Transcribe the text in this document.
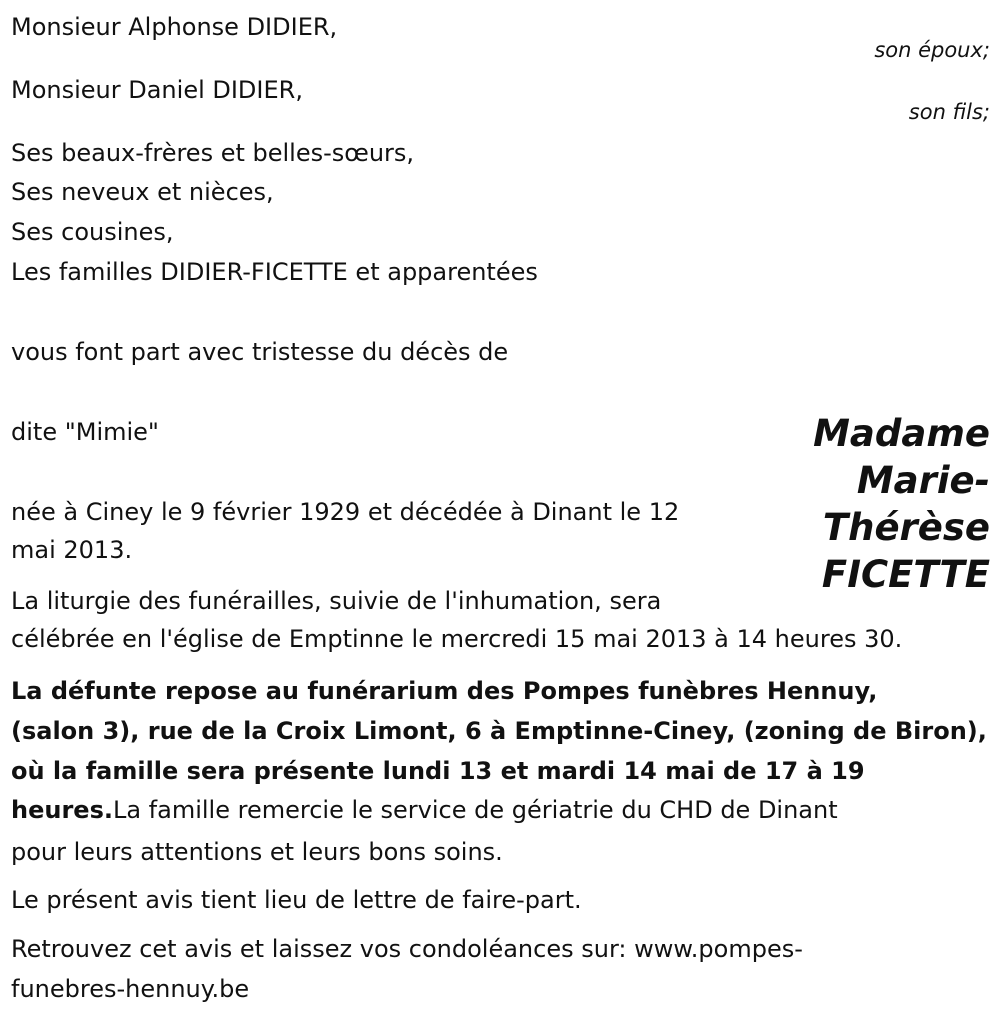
Monsieur Alphonse DIDIER,
son époux;
Monsieur Daniel DIDIER,
son fils;
Ses beaux-frères et belles-sœurs,
Ses neveux et nièces,
Ses cousines,
Les familles DIDIER-FICETTE et apparentées
vous font part avec tristesse du décès de
dite "Mimie"	Madame
Marie-
Thérèse
FICETTE
née à Ciney le 9 février 1929 et décédée à Dinant le 12
mai 2013.
La liturgie des funérailles, suivie de l'inhumation, sera
célébrée en l'église de Emptinne le mercredi 15 mai 2013 à 14 heures 30.
La défunte repose au funérarium des Pompes funèbres Hennuy,
(salon 3), rue de la Croix Limont, 6 à Emptinne-Ciney, (zoning de Biron),
où la famille sera présente lundi 13 et mardi 14 mai de 17 à 19
heures.La famille remercie le service de gériatrie du CHD de Dinant
pour leurs attentions et leurs bons soins.
Le présent avis tient lieu de lettre de faire-part.
Retrouvez cet avis et laissez vos condoléances sur: www.pompes-
funebres-hennuy.be
